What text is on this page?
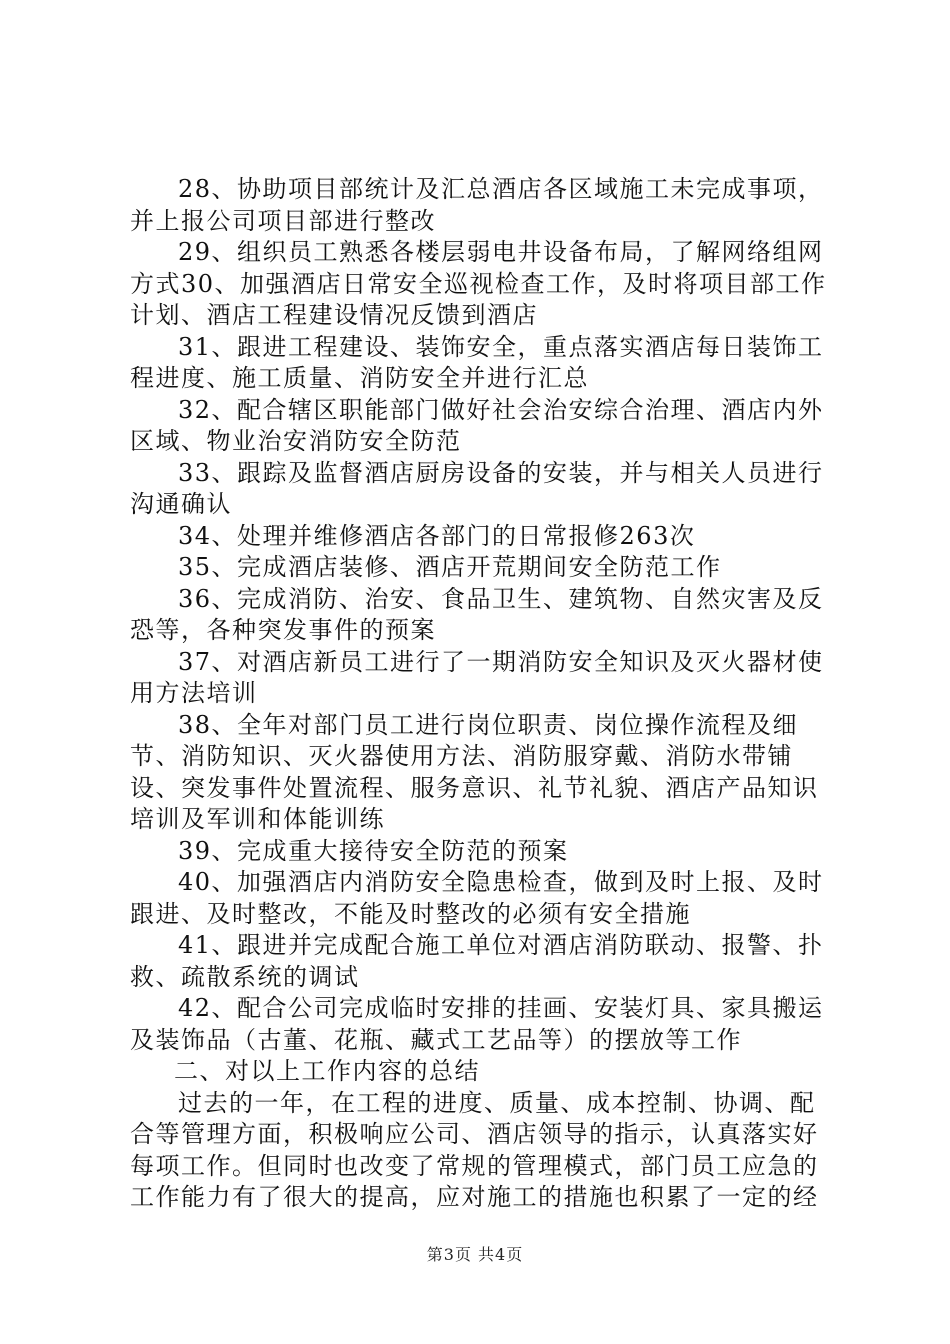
28、协助项目部统计及汇总酒店各区域施工未完成事项，并上报公司项目部进行整改

29、组织员工熟悉各楼层弱电井设备布局，了解网络组网方式30、加强酒店日常安全巡视检查工作，及时将项目部工作计划、酒店工程建设情况反馈到酒店

31、跟进工程建设、装饰安全，重点落实酒店每日装饰工程进度、施工质量、消防安全并进行汇总

32、配合辖区职能部门做好社会治安综合治理、酒店内外区域、物业治安消防安全防范

33、跟踪及监督酒店厨房设备的安装，并与相关人员进行沟通确认

34、处理并维修酒店各部门的日常报修263次

35、完成酒店装修、酒店开荒期间安全防范工作

36、完成消防、治安、食品卫生、建筑物、自然灾害及反恐等，各种突发事件的预案

37、对酒店新员工进行了一期消防安全知识及灭火器材使用方法培训

38、全年对部门员工进行岗位职责、岗位操作流程及细节、消防知识、灭火器使用方法、消防服穿戴、消防水带铺设、突发事件处置流程、服务意识、礼节礼貌、酒店产品知识培训及军训和体能训练

39、完成重大接待安全防范的预案

40、加强酒店内消防安全隐患检查，做到及时上报、及时跟进、及时整改，不能及时整改的必须有安全措施

41、跟进并完成配合施工单位对酒店消防联动、报警、扑救、疏散系统的调试

42、配合公司完成临时安排的挂画、安装灯具、家具搬运及装饰品（古董、花瓶、藏式工艺品等）的摆放等工作

二、对以上工作内容的总结

过去的一年，在工程的进度、质量、成本控制、协调、配合等管理方面，积极响应公司、酒店领导的指示，认真落实好每项工作。但同时也改变了常规的管理模式，部门员工应急的工作能力有了很大的提高，应对施工的措施也积累了一定的经

第3页 共4页
